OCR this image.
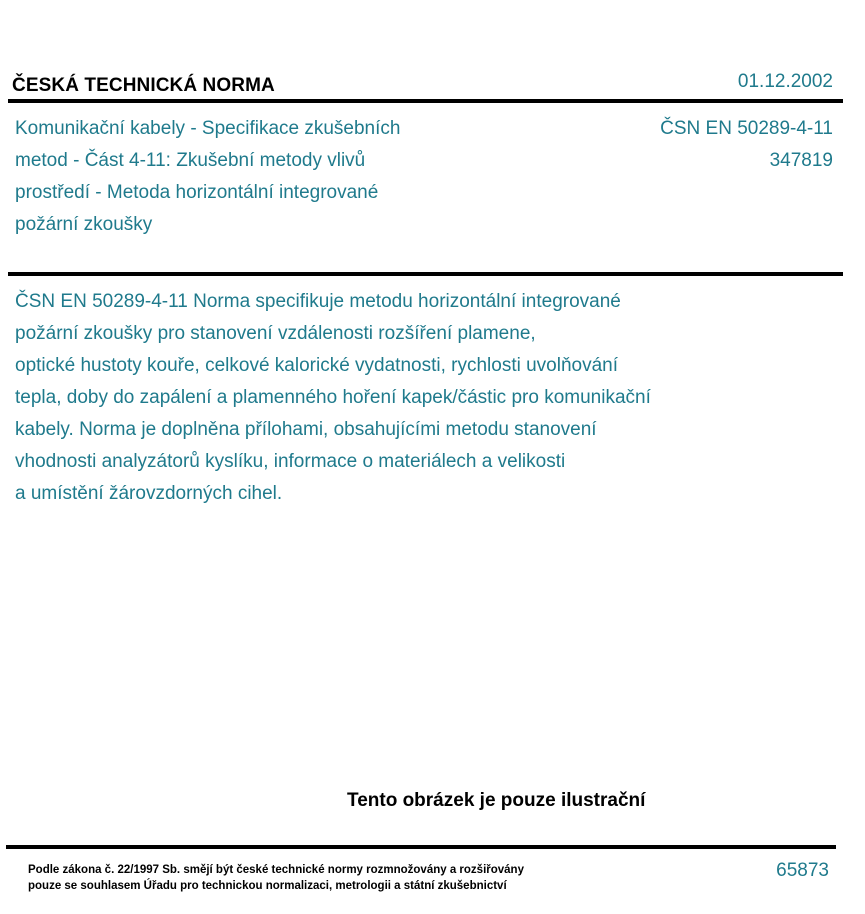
ČESKÁ TECHNICKÁ NORMA	01.12.2002
Komunikační kabely - Specifikace zkušebních
metod - Část 4-11: Zkušební metody vlivů
prostředí - Metoda horizontální integrované
požární zkoušky
ČSN EN 50289-4-11
347819
ČSN EN 50289-4-11 Norma specifikuje metodu horizontální integrované
požární zkoušky pro stanovení vzdálenosti rozšíření plamene,
optické hustoty kouře, celkové kalorické vydatnosti, rychlosti uvolňování
tepla, doby do zapálení a plamenného hoření kapek/částic pro komunikační
kabely. Norma je doplněna přílohami, obsahujícími metodu stanovení
vhodnosti analyzátorů kyslíku, informace o materiálech a velikosti
a umístění žárovzdorných cihel.
Tento obrázek je pouze ilustrační
Podle zákona č. 22/1997 Sb. smějí být české technické normy rozmnožovány a rozšiřovány
pouze se souhlasem Úřadu pro technickou normalizaci, metrologii a státní zkušebnictví
65873
